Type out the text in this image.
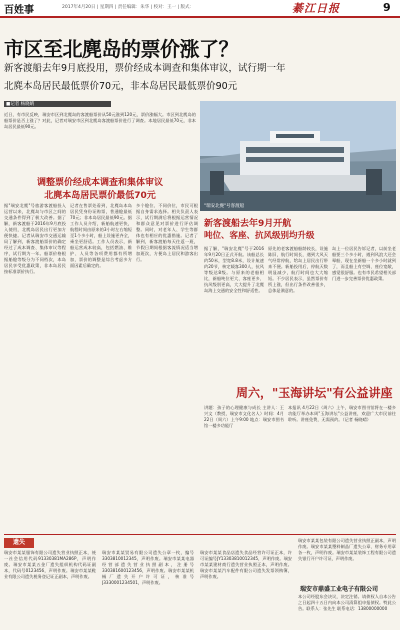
百姓事	2017年4月20日 | 星期四 | 责任编辑：朱华 | 校对：王一 | 版式：	綦江日报	9
市区至北麂岛的票价涨了？
新客渡船去年9月底投用，票价经成本调查和集体审议，试行期一年
北麂本岛居民最低票价70元，非本岛居民最低票价90元
■记者 杨晓晴
近日，有市民反映，瑞安市区到北麂岛的客渡船票价从50元涨到120元，票价涨幅大。市区到北麂岛的船票价是否上涨了？对此，记者对瑞安市区到北麂岛客渡船票价进行了调查。本地居民最低70元，非本岛居民最低90元。
调整票价经成本调查和集体审议
北麂本岛居民票价最低70元
据"瑞安北麂"号旅游客渡船投入运营以来，北麂岛与市区之间的交通条件得到了极大改善。据了解，新客渡船于2016年9月底投入使用，北麂岛居民出行更加方便快捷。记者从瑞安市交通运输局了解到，新客渡船票价的确定经过了成本调查、集体审议等程序，试行期为一年。船票价格根据船舱等级分为不同档次，本岛居民享受优惠政策，非本岛居民按标准票价执行。
记者在售票处看到，北麂岛本岛居民凭身份证购票，普通舱最低70元；非本岛居民最低90元。据工作人员介绍，新船航速更快，航程时间由原来的3小时左右缩短至1个多小时，船上设施更齐全，乘坐更舒适。工作人员表示，新船运营成本较高，包括燃油、维护、人员等各项费用都有所增加，票价的调整是综合考虑多方面因素后确定的。
多个舱位、不同价位，市民可根据自身需求选择。相关负责人表示，试行期满后将根据运营情况和群众意见对票价进行评估调整。同时，对老年人、学生等群体也有相应的优惠措施。记者了解到，新客渡船每天往返一班，节假日期间根据客流情况适当增加班次，方便岛上居民和游客出行。
"瑞安北麂"号客渡船
新客渡船去年9月开航
吨位、客座、抗风级别均升级
据了解，"瑞安北麂"号于2016年9月20日正式开航。该船总长约50米，型宽8.8米，设计航速约20节，核定载客300人，抗风等级达8级。与原来的老船相比，新船吨位更大、客座更多、抗风级别更高，大大提升了北麂岛海上交通的安全性和舒适性。
原先的老客渡船船龄较长，设施陈旧，航行时间长，遇到大风天气经常停航，给岛上居民出行带来不便。新船投用后，停航天数明显减少，航行时间也大大缩短。不少居民表示，虽然票价有所上涨，但出行条件改善很多，总体是满意的。
岛上一位居民告诉记者，以前坐老船要三个多小时，遇到风浪大还会晕船，现在坐新船一个多小时就到了，而且船上有空调、座位宽敞，感觉很舒服。也有市民希望相关部门进一步完善票价优惠政策。
周六，"玉海讲坛"有公益讲座
讲题：孩子的心理健康与成长 主讲人：王兴文（教授，瑞安市文化名人）时间：4月22日（周六）上午9:00 地点：瑞安市图书馆一楼多功能厅
本报讯 4月22日（周六）上午，瑞安市图书馆将在一楼多功能厅举办本周"玉海讲坛"公益讲座，欢迎广大市民前往聆听。讲座免费，无需预约。（记者 杨晓晴）
遗失
瑞安市某某服饰有限公司遗失营业执照正本，统一社会信用代码91330381MA286P，声明作废。瑞安市某某五金厂遗失组织机构代码证副本，代码号0123456，声明作废。瑞安市某某鞋业有限公司遗失税务登记证正副本，声明作废。
瑞安市某某贸易有限公司遗失公章一枚，编号3303810012345，声明作废。瑞安市某某电器经营部遗失营业执照副本，注册号330381600123456，声明作废。瑞安市某某机械厂遗失开户许可证，核准号J3330001234501，声明作废。
瑞安市某某食品店遗失食品经营许可证正本，许可证编号JY13303810012345，声明作废。瑞安市某某建材商行遗失营业执照正本，声明作废。瑞安市某某汽车配件有限公司遗失发票领购簿，声明作废。
瑞安市某某包装有限公司遗失营业执照正副本，声明作废。瑞安市某某塑料制品厂遗失公章、财务专用章各一枚，声明作废。瑞安市某某装饰工程有限公司遗失银行开户许可证，声明作废。
瑞安市鼎盛工业电子有限公司
本公司经股东会决议，决定注销。请债权人自本公告之日起四十五日内向本公司清算组申报债权。特此公告。联系人：张先生 联系电话：13800000000
